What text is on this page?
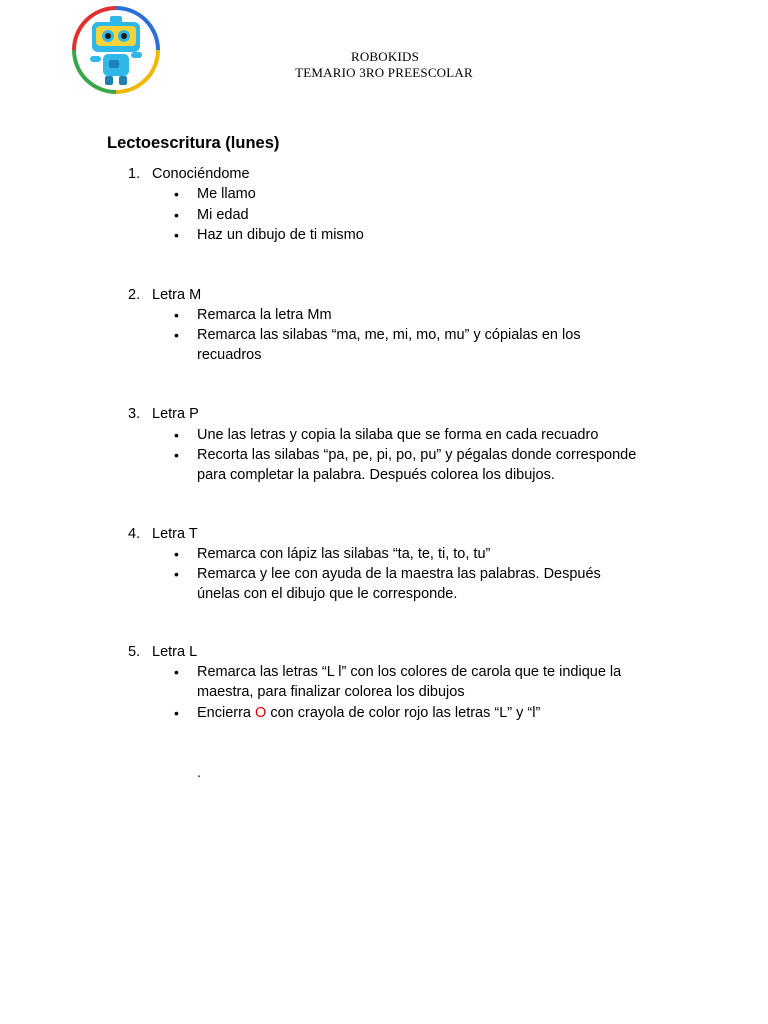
ROBOKIDS
TEMARIO 3RO PREESCOLAR
Lectoescritura (lunes)
1. Conociéndome
• Me llamo
• Mi edad
• Haz un dibujo de ti mismo
2. Letra M
• Remarca la letra Mm
• Remarca las silabas “ma, me, mi, mo, mu” y cópialas en los
recuadros
3. Letra P
• Une las letras y copia la silaba que se forma en cada recuadro
• Recorta las silabas “pa, pe, pi, po, pu” y pégalas donde corresponde
para completar la palabra. Después colorea los dibujos.
4. Letra T
• Remarca con lápiz las silabas “ta, te, ti, to, tu”
• Remarca y lee con ayuda de la maestra las palabras. Después
únelas con el dibujo que le corresponde.
5. Letra L
• Remarca las letras “L l” con los colores de carola que te indique la
maestra, para finalizar colorea los dibujos
• Encierra O con crayola de color rojo las letras “L” y “l”
.
